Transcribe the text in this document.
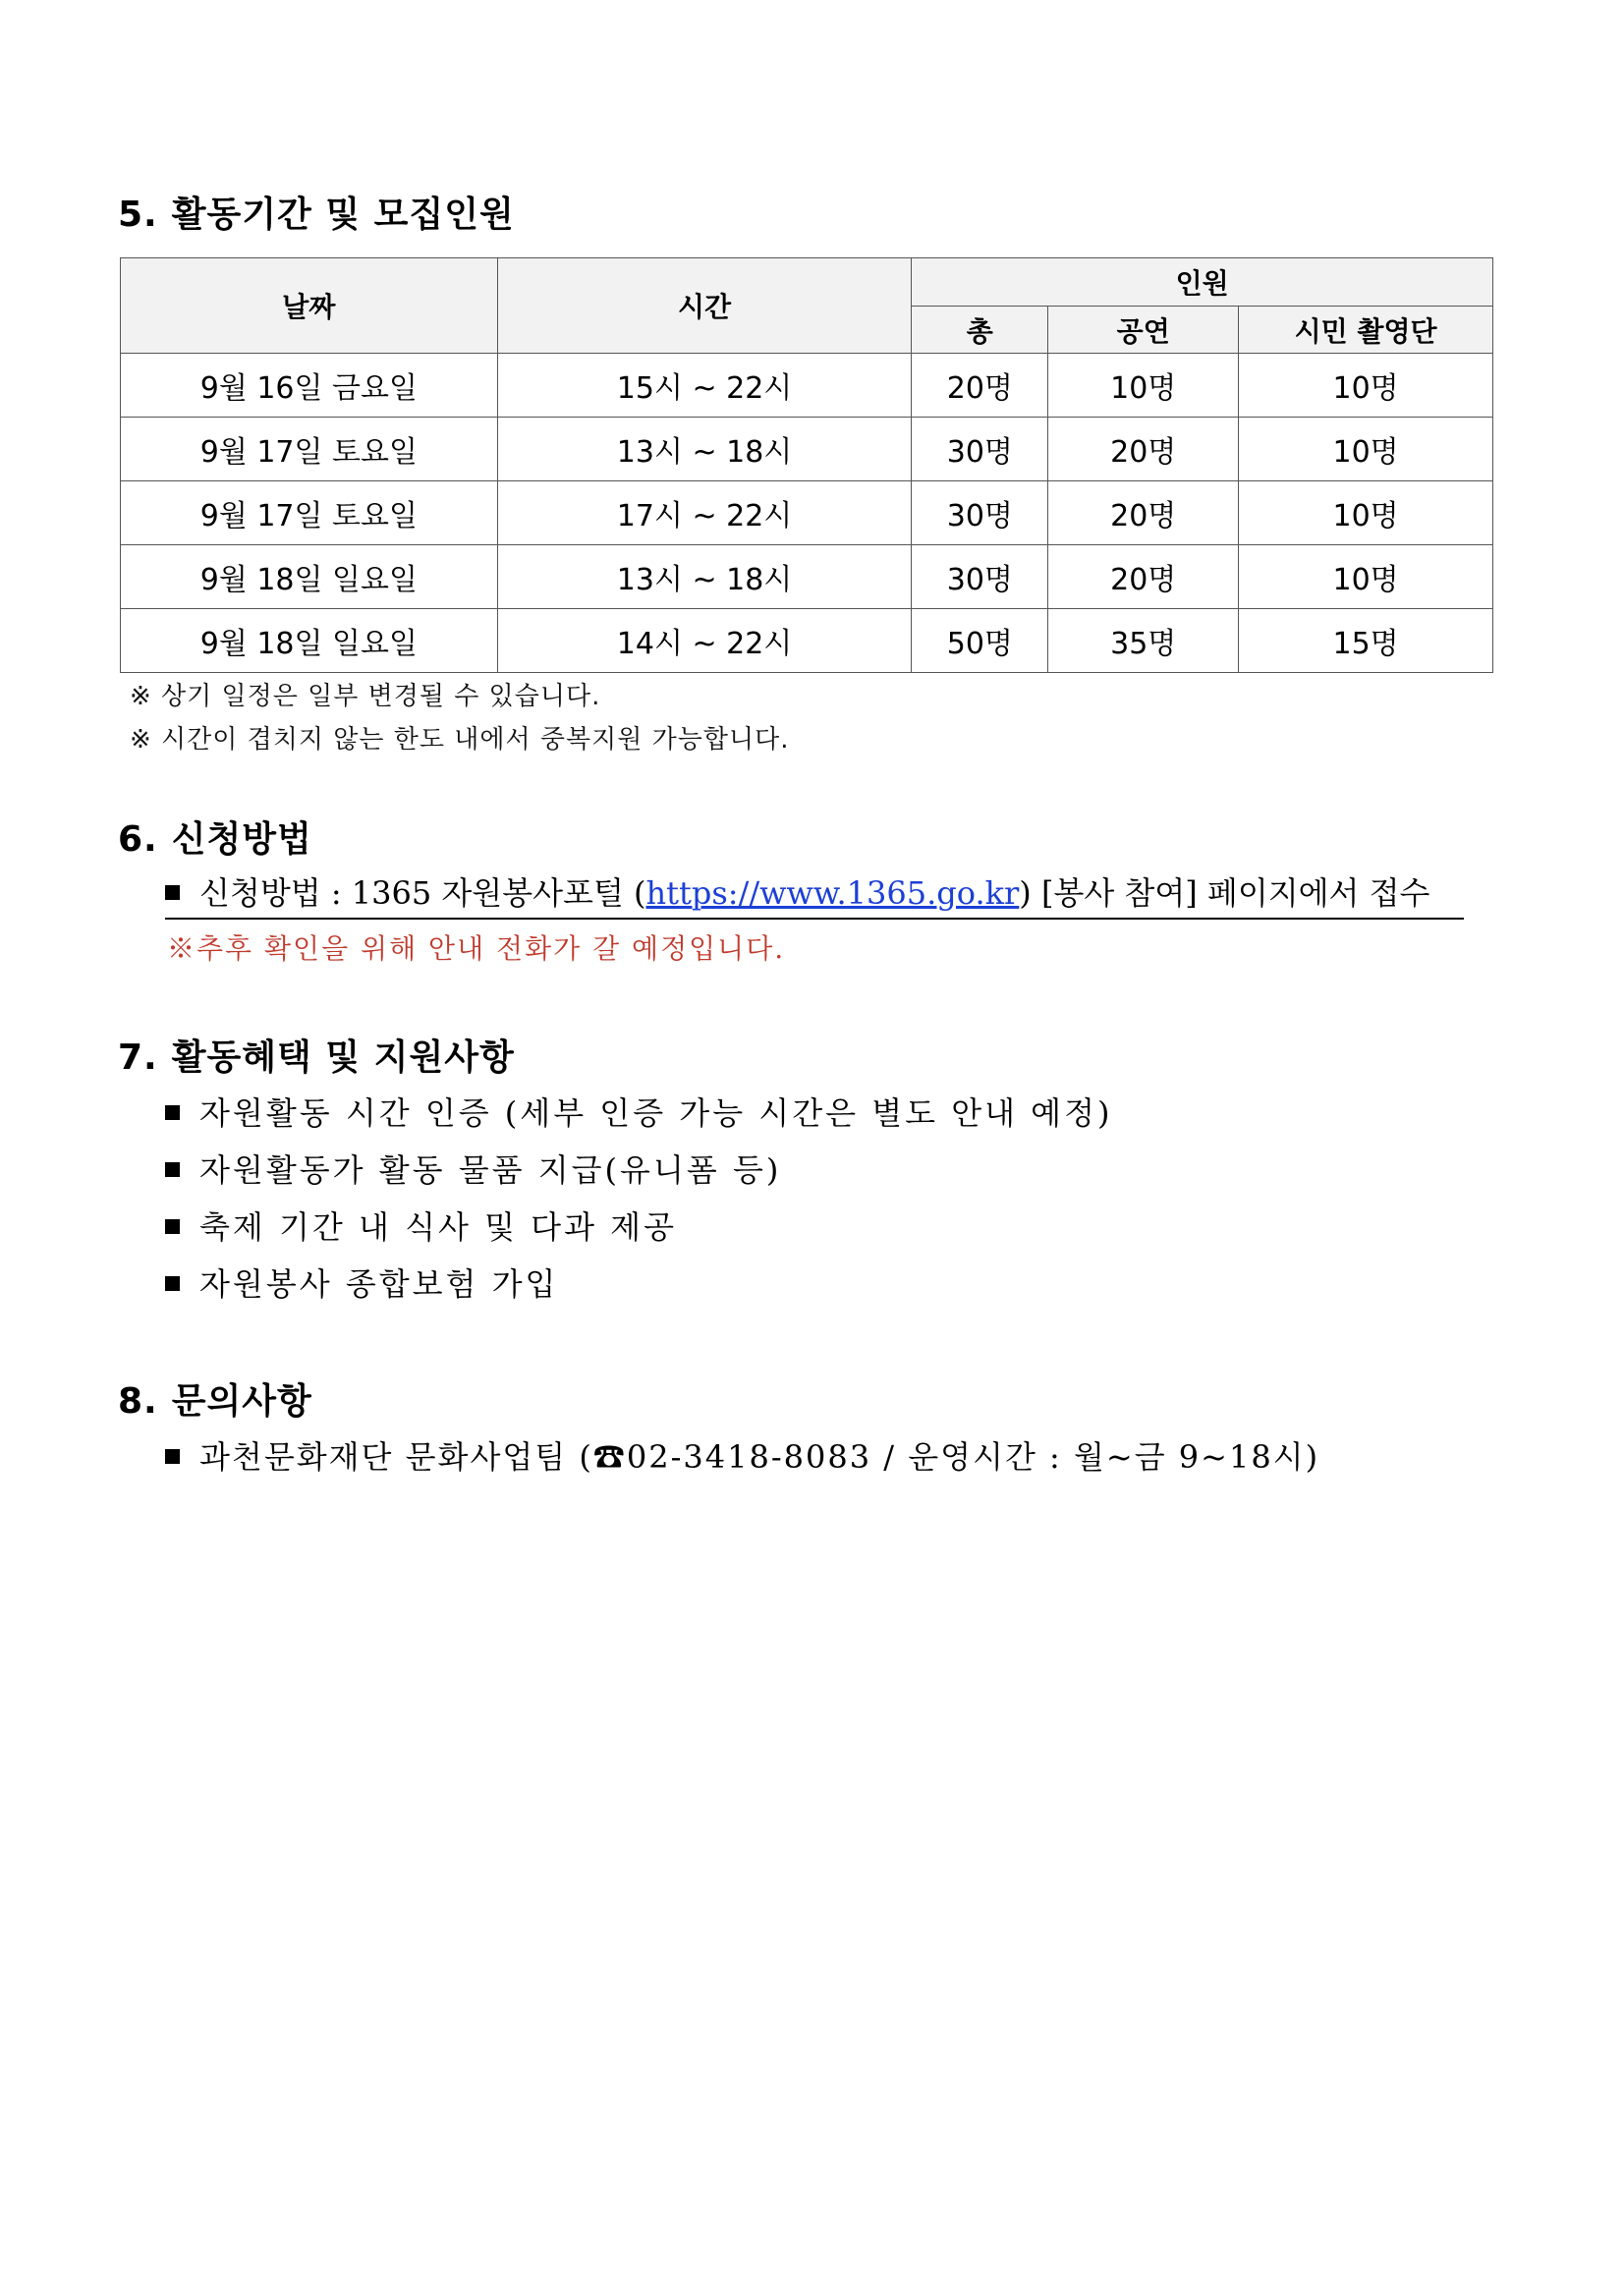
5. 활동기간 및 모집인원
날짜	시간	인원		
		총	공연	시민 촬영단
9월 16일 금요일	15시 ~ 22시	20명	10명	10명
9월 17일 토요일	13시 ~ 18시	30명	20명	10명
9월 17일 토요일	17시 ~ 22시	30명	20명	10명
9월 18일 일요일	13시 ~ 18시	30명	20명	10명
9월 18일 일요일	14시 ~ 22시	50명	35명	15명
※ 상기 일정은 일부 변경될 수 있습니다.
※ 시간이 겹치지 않는 한도 내에서 중복지원 가능합니다.
6. 신청방법
신청방법 : 1365 자원봉사포털 (https://www.1365.go.kr) [봉사 참여] 페이지에서 접수
※추후 확인을 위해 안내 전화가 갈 예정입니다.
7. 활동혜택 및 지원사항
자원활동 시간 인증 (세부 인증 가능 시간은 별도 안내 예정)
자원활동가 활동 물품 지급(유니폼 등)
축제 기간 내 식사 및 다과 제공
자원봉사 종합보험 가입
8. 문의사항
과천문화재단 문화사업팀 (☎02-3418-8083 / 운영시간 : 월~금 9~18시)
